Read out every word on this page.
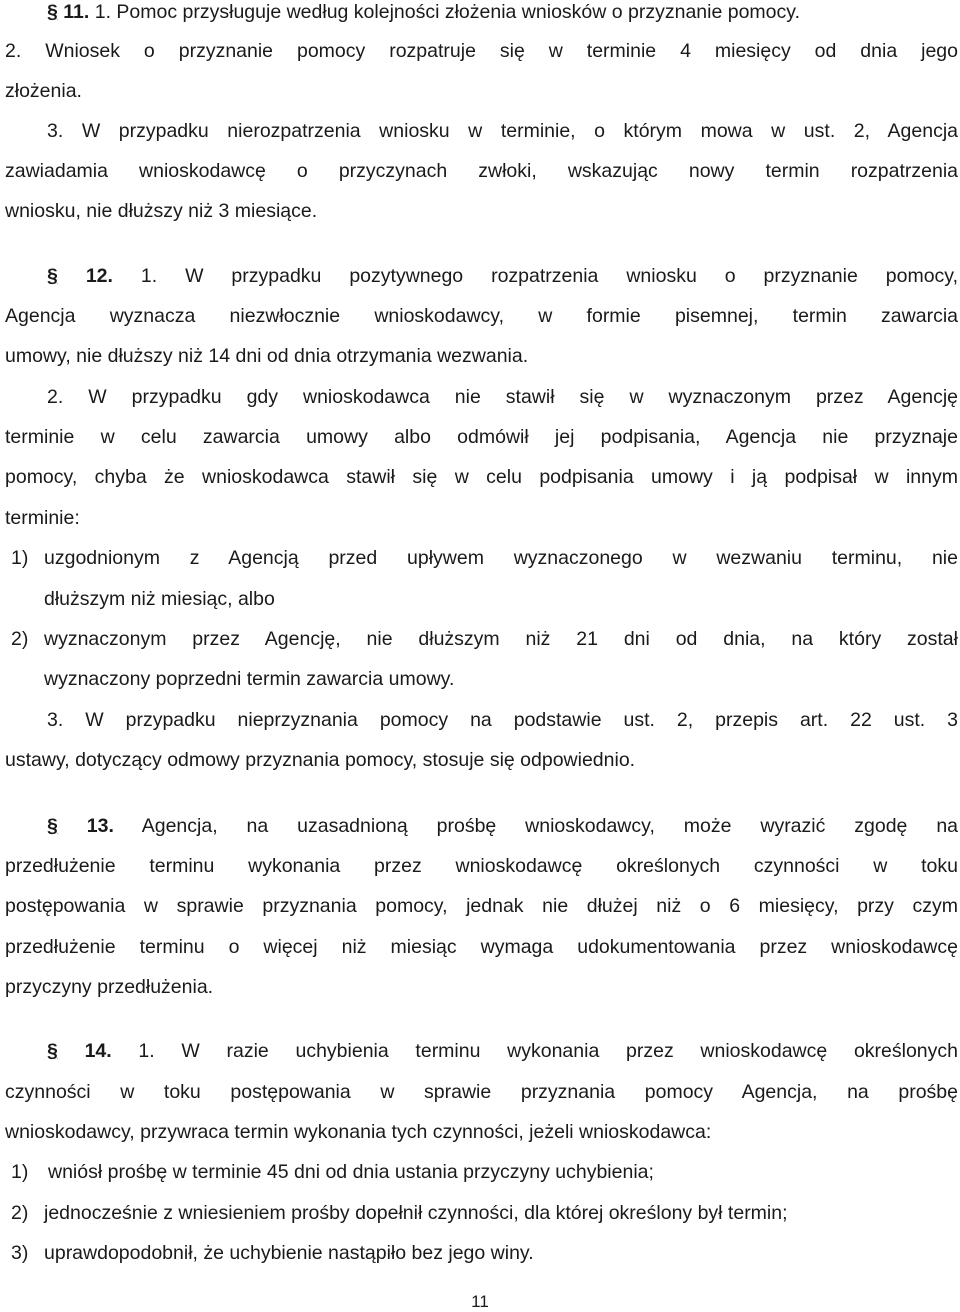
§ 11. 1. Pomoc przysługuje według kolejności złożenia wniosków o przyznanie pomocy.
2. Wniosek o przyznanie pomocy rozpatruje się w terminie 4 miesięcy od dnia jego
złożenia.
3. W przypadku nierozpatrzenia wniosku w terminie, o którym mowa w ust. 2, Agencja
zawiadamia wnioskodawcę o przyczynach zwłoki, wskazując nowy termin rozpatrzenia
wniosku, nie dłuższy niż 3 miesiące.
§ 12. 1. W przypadku pozytywnego rozpatrzenia wniosku o przyznanie pomocy,
Agencja wyznacza niezwłocznie wnioskodawcy, w formie pisemnej, termin zawarcia
umowy, nie dłuższy niż 14 dni od dnia otrzymania wezwania.
2. W przypadku gdy wnioskodawca nie stawił się w wyznaczonym przez Agencję
terminie w celu zawarcia umowy albo odmówił jej podpisania, Agencja nie przyznaje
pomocy, chyba że wnioskodawca stawił się w celu podpisania umowy i ją podpisał w innym
terminie:
1) uzgodnionym z Agencją przed upływem wyznaczonego w wezwaniu terminu, nie
dłuższym niż miesiąc, albo
2) wyznaczonym przez Agencję, nie dłuższym niż 21 dni od dnia, na który został
wyznaczony poprzedni termin zawarcia umowy.
3. W przypadku nieprzyznania pomocy na podstawie ust. 2, przepis art. 22 ust. 3
ustawy, dotyczący odmowy przyznania pomocy, stosuje się odpowiednio.
§ 13. Agencja, na uzasadnioną prośbę wnioskodawcy, może wyrazić zgodę na
przedłużenie terminu wykonania przez wnioskodawcę określonych czynności w toku
postępowania w sprawie przyznania pomocy, jednak nie dłużej niż o 6 miesięcy, przy czym
przedłużenie terminu o więcej niż miesiąc wymaga udokumentowania przez wnioskodawcę
przyczyny przedłużenia.
§ 14. 1. W razie uchybienia terminu wykonania przez wnioskodawcę określonych
czynności w toku postępowania w sprawie przyznania pomocy Agencja, na prośbę
wnioskodawcy, przywraca termin wykonania tych czynności, jeżeli wnioskodawca:
1) wniósł prośbę w terminie 45 dni od dnia ustania przyczyny uchybienia;
2) jednocześnie z wniesieniem prośby dopełnił czynności, dla której określony był termin;
3) uprawdopodobnił, że uchybienie nastąpiło bez jego winy.
11
